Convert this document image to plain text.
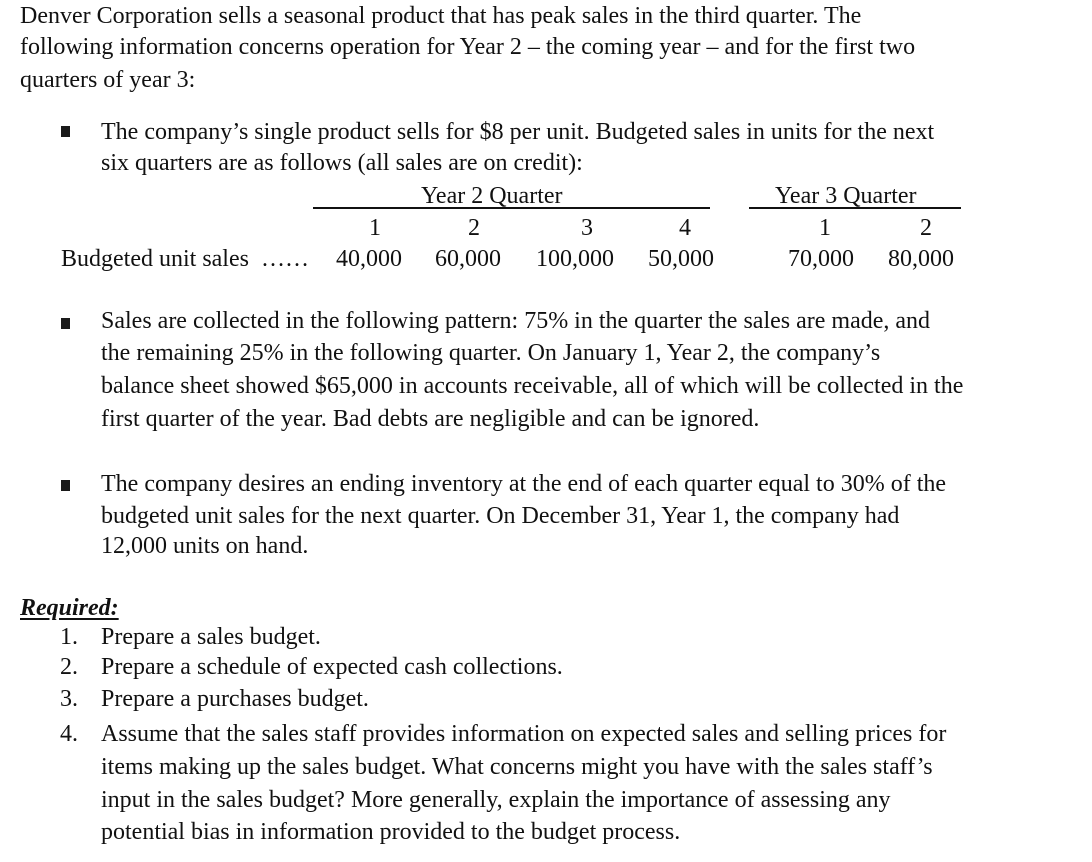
Denver Corporation sells a seasonal product that has peak sales in the third quarter. The
following information concerns operation for Year 2 – the coming year – and for the first two
quarters of year 3:
The company’s single product sells for $8 per unit. Budgeted sales in units for the next
six quarters are as follows (all sales are on credit):
Year 2 Quarter	Year 3 Quarter
1	2	3	4	1	2
Budgeted unit sales …… 40,000 60,000 100,000 50,000	70,000 80,000
Sales are collected in the following pattern: 75% in the quarter the sales are made, and
the remaining 25% in the following quarter. On January 1, Year 2, the company’s
balance sheet showed $65,000 in accounts receivable, all of which will be collected in the
first quarter of the year. Bad debts are negligible and can be ignored.
The company desires an ending inventory at the end of each quarter equal to 30% of the
budgeted unit sales for the next quarter. On December 31, Year 1, the company had
12,000 units on hand.
Required:
1. Prepare a sales budget.
2. Prepare a schedule of expected cash collections.
3. Prepare a purchases budget.
4. Assume that the sales staff provides information on expected sales and selling prices for
items making up the sales budget. What concerns might you have with the sales staff’s
input in the sales budget? More generally, explain the importance of assessing any
potential bias in information provided to the budget process.
